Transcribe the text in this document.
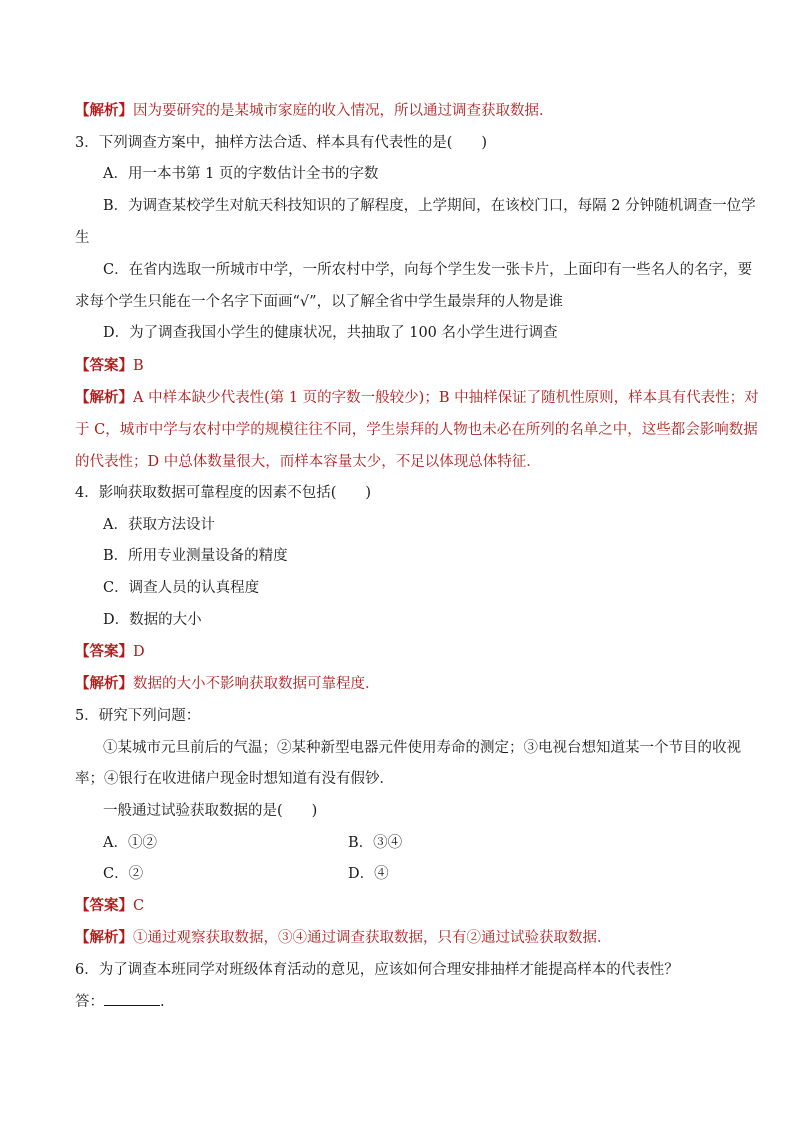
【解析】因为要研究的是某城市家庭的收入情况，所以通过调查获取数据．
3．下列调查方案中，抽样方法合适、样本具有代表性的是(　　)
A．用一本书第 1 页的字数估计全书的字数
B．为调查某校学生对航天科技知识的了解程度，上学期间，在该校门口，每隔 2 分钟随机调查一位学
生
C．在省内选取一所城市中学，一所农村中学，向每个学生发一张卡片，上面印有一些名人的名字，要
求每个学生只能在一个名字下面画“√”，以了解全省中学生最崇拜的人物是谁
D．为了调查我国小学生的健康状况，共抽取了 100 名小学生进行调查
【答案】B
【解析】A 中样本缺少代表性(第 1 页的字数一般较少)；B 中抽样保证了随机性原则，样本具有代表性；对
于 C，城市中学与农村中学的规模往往不同，学生崇拜的人物也未必在所列的名单之中，这些都会影响数据
的代表性；D 中总体数量很大，而样本容量太少，不足以体现总体特征．
4．影响获取数据可靠程度的因素不包括(　　)
A．获取方法设计
B．所用专业测量设备的精度
C．调查人员的认真程度
D．数据的大小
【答案】D
【解析】数据的大小不影响获取数据可靠程度．
5．研究下列问题：
①某城市元旦前后的气温；②某种新型电器元件使用寿命的测定；③电视台想知道某一个节目的收视
率；④银行在收进储户现金时想知道有没有假钞．
一般通过试验获取数据的是(　　)
A．①②	B．③④
C．②	D．④
【答案】C
【解析】①通过观察获取数据，③④通过调查获取数据，只有②通过试验获取数据．
6．为了调查本班同学对班级体育活动的意见，应该如何合理安排抽样才能提高样本的代表性？
答：	.
